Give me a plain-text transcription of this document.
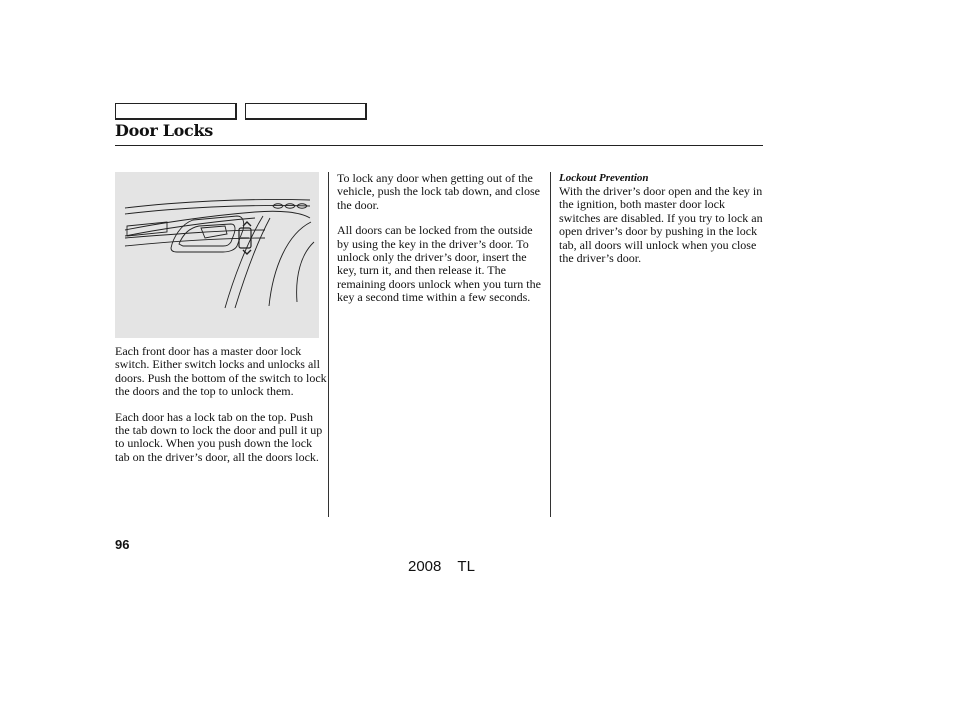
Door Locks

Each front door has a master door lock switch. Either switch locks and unlocks all doors. Push the bottom of the switch to lock the doors and the top to unlock them.

Each door has a lock tab on the top. Push the tab down to lock the door and pull it up to unlock. When you push down the lock tab on the driver’s door, all the doors lock.

To lock any door when getting out of the vehicle, push the lock tab down, and close the door.

All doors can be locked from the outside by using the key in the driver’s door. To unlock only the driver’s door, insert the key, turn it, and then release it. The remaining doors unlock when you turn the key a second time within a few seconds.

Lockout Prevention

With the driver’s door open and the key in the ignition, both master door lock switches are disabled. If you try to lock an open driver’s door by pushing in the lock tab, all doors will unlock when you close the driver’s door.

96
2008  TL
